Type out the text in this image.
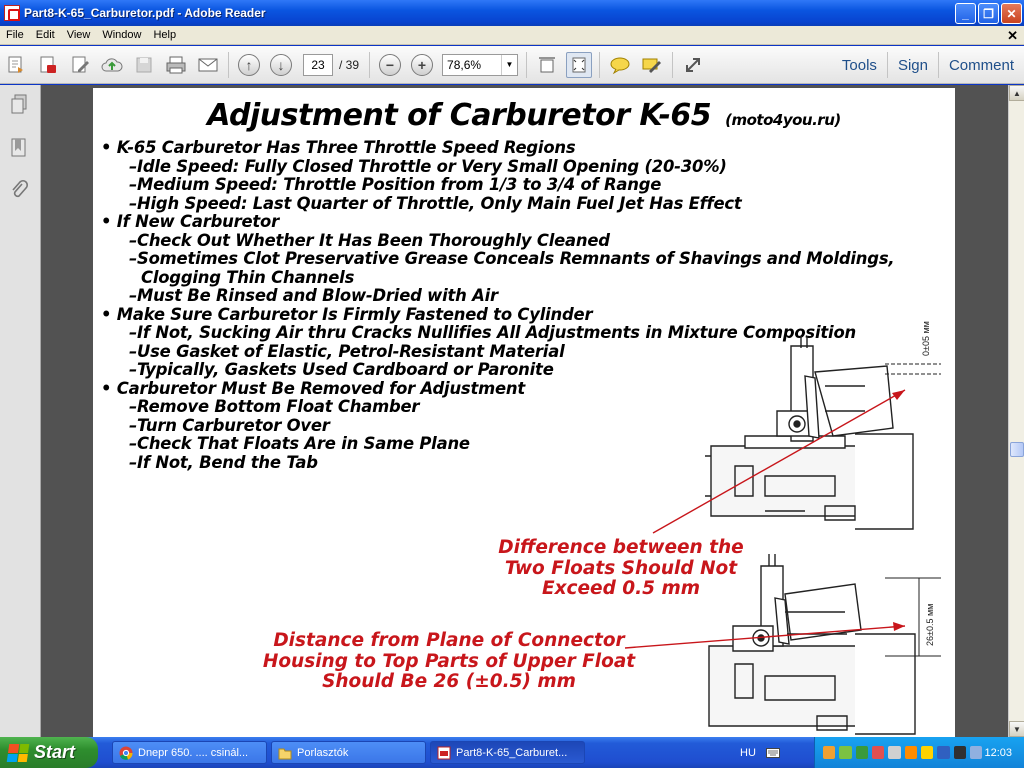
Part8-K-65_Carburetor.pdf - Adobe Reader	_	❐	✕
File	Edit	View	Window	Help	✕
↑	↓	23	/ 39	−	+	78,6%	▼	Tools	Sign	Comment
Adjustment of Carburetor K-65 (moto4you.ru)
• K-65 Carburetor Has Three Throttle Speed Regions
–Idle Speed: Fully Closed Throttle or Very Small Opening (20-30%)
–Medium Speed: Throttle Position from 1/3 to 3/4 of Range
–High Speed: Last Quarter of Throttle, Only Main Fuel Jet Has Effect
• If New Carburetor
–Check Out Whether It Has Been Thoroughly Cleaned
–Sometimes Clot Preservative Grease Conceals Remnants of Shavings and Moldings, Clogging Thin Channels
–Must Be Rinsed and Blow-Dried with Air
• Make Sure Carburetor Is Firmly Fastened to Cylinder
–If Not, Sucking Air thru Cracks Nullifies All Adjustments in Mixture Composition
–Use Gasket of Elastic, Petrol-Resistant Material
–Typically, Gaskets Used Cardboard or Paronite
• Carburetor Must Be Removed for Adjustment
–Remove Bottom Float Chamber
–Turn Carburetor Over
–Check That Floats Are in Same Plane
–If Not, Bend the Tab
0±05 мм
26±0.5 мм
Difference between the
Two Floats Should Not
Exceed 0.5 mm
Distance from Plane of Connector
Housing to Top Parts of Upper Float
Should Be 26 (±0.5) mm
▲
▼
Start	Dnepr 650. .... csinál...	Porlasztók	Part8-K-65_Carburet...	HU	12:03
